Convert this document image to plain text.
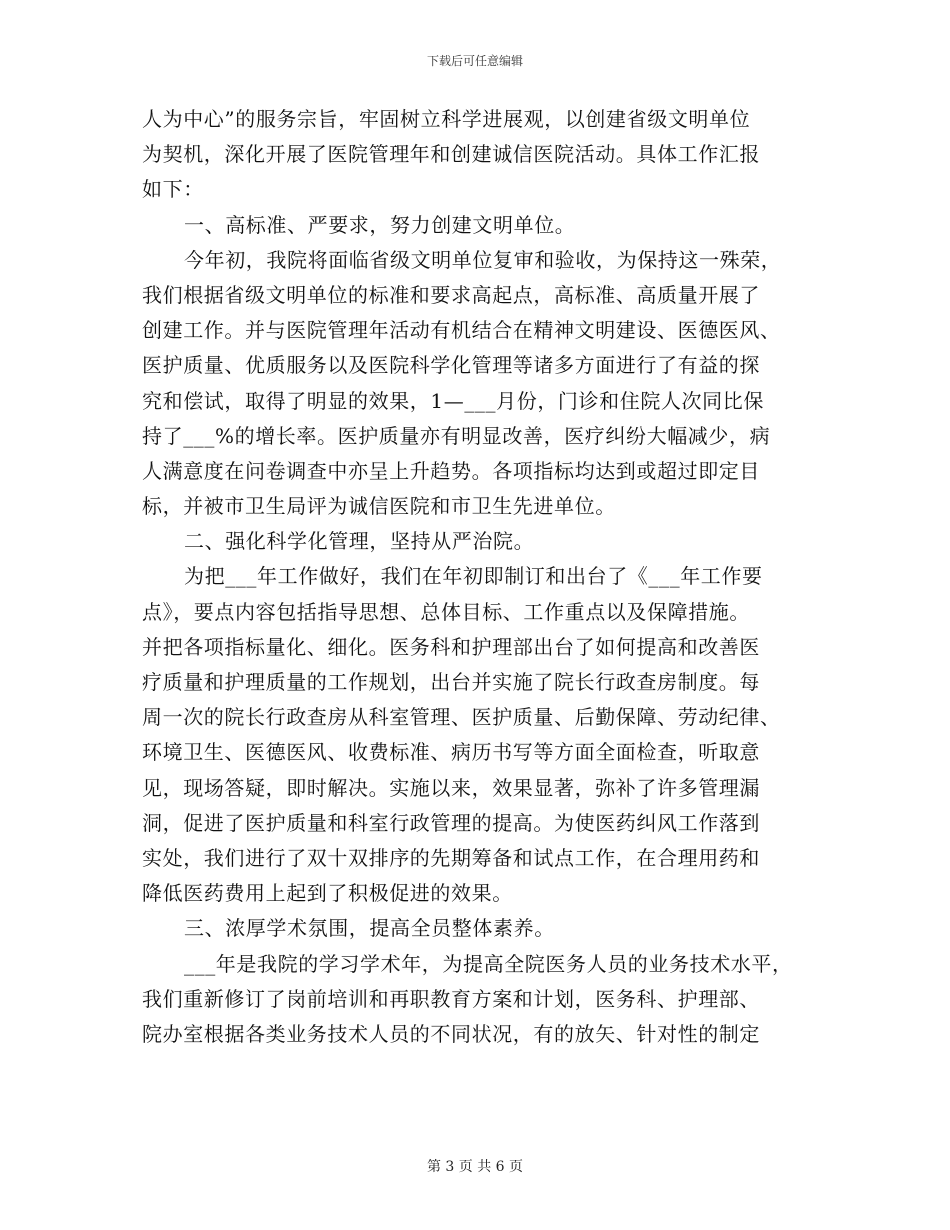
下载后可任意编辑
人为中心”的服务宗旨，牢固树立科学进展观，以创建省级文明单位
为契机，深化开展了医院管理年和创建诚信医院活动。具体工作汇报
如下：
一、高标准、严要求，努力创建文明单位。
今年初，我院将面临省级文明单位复审和验收，为保持这一殊荣，
我们根据省级文明单位的标准和要求高起点，高标准、高质量开展了
创建工作。并与医院管理年活动有机结合在精神文明建设、医德医风、
医护质量、优质服务以及医院科学化管理等诸多方面进行了有益的探
究和偿试，取得了明显的效果，1—___月份，门诊和住院人次同比保
持了___%的增长率。医护质量亦有明显改善，医疗纠纷大幅减少，病
人满意度在问卷调查中亦呈上升趋势。各项指标均达到或超过即定目
标，并被市卫生局评为诚信医院和市卫生先进单位。
二、强化科学化管理，坚持从严治院。
为把___年工作做好，我们在年初即制订和出台了《___年工作要
点》，要点内容包括指导思想、总体目标、工作重点以及保障措施。
并把各项指标量化、细化。医务科和护理部出台了如何提高和改善医
疗质量和护理质量的工作规划，出台并实施了院长行政查房制度。每
周一次的院长行政查房从科室管理、医护质量、后勤保障、劳动纪律、
环境卫生、医德医风、收费标准、病历书写等方面全面检查，听取意
见，现场答疑，即时解决。实施以来，效果显著，弥补了许多管理漏
洞，促进了医护质量和科室行政管理的提高。为使医药纠风工作落到
实处，我们进行了双十双排序的先期筹备和试点工作，在合理用药和
降低医药费用上起到了积极促进的效果。
三、浓厚学术氛围，提高全员整体素养。
___年是我院的学习学术年，为提高全院医务人员的业务技术水平，
我们重新修订了岗前培训和再职教育方案和计划，医务科、护理部、
院办室根据各类业务技术人员的不同状况，有的放矢、针对性的制定
第 3 页 共 6 页
